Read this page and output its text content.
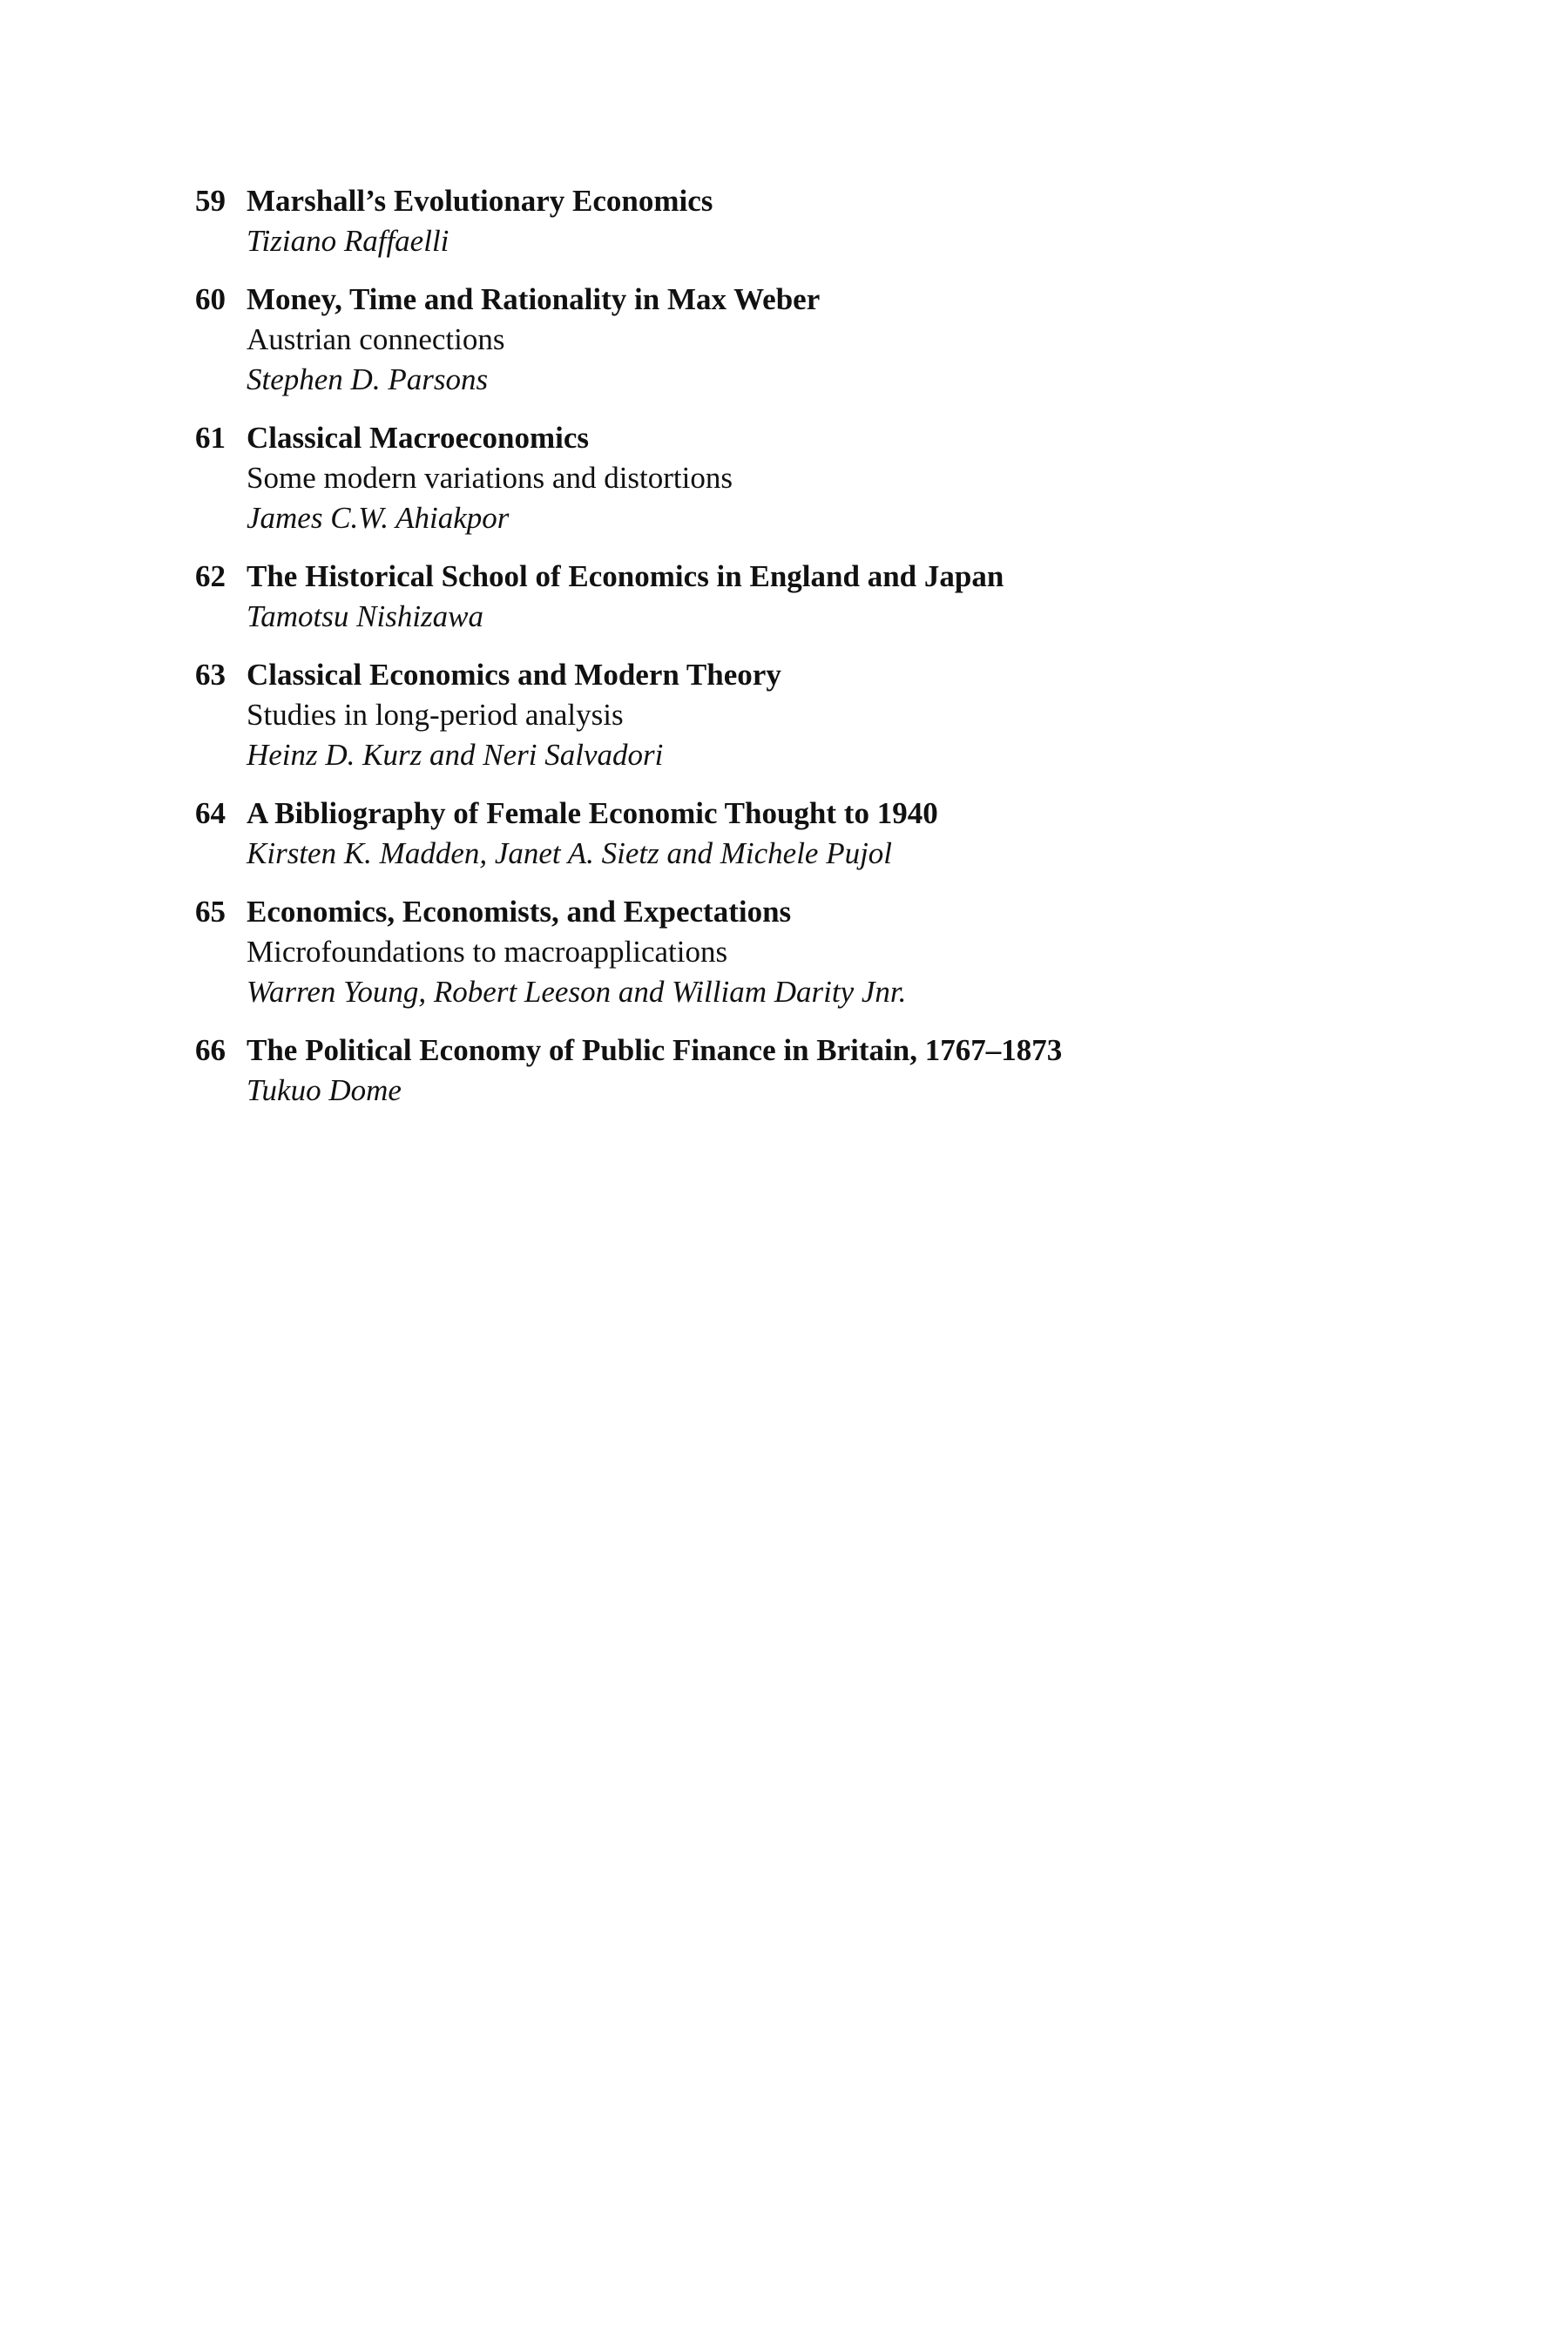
59 Marshall’s Evolutionary Economics
Tiziano Raffaelli
60 Money, Time and Rationality in Max Weber
Austrian connections
Stephen D. Parsons
61 Classical Macroeconomics
Some modern variations and distortions
James C.W. Ahiakpor
62 The Historical School of Economics in England and Japan
Tamotsu Nishizawa
63 Classical Economics and Modern Theory
Studies in long-period analysis
Heinz D. Kurz and Neri Salvadori
64 A Bibliography of Female Economic Thought to 1940
Kirsten K. Madden, Janet A. Sietz and Michele Pujol
65 Economics, Economists, and Expectations
Microfoundations to macroapplications
Warren Young, Robert Leeson and William Darity Jnr.
66 The Political Economy of Public Finance in Britain, 1767–1873
Tukuo Dome
